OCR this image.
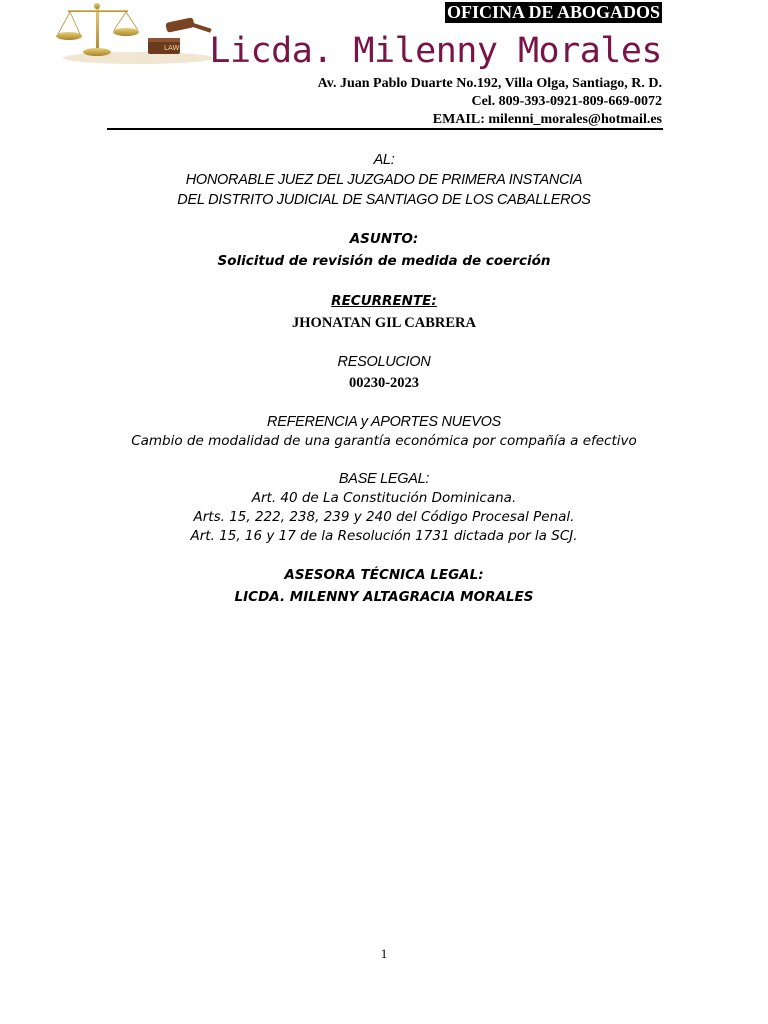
LAW
OFICINA DE ABOGADOS
Licda. Milenny Morales
Av. Juan Pablo Duarte No.192, Villa Olga, Santiago, R. D.
Cel. 809-393-0921-809-669-0072
EMAIL: milenni_morales@hotmail.es
AL:
HONORABLE JUEZ DEL JUZGADO DE PRIMERA INSTANCIA
DEL DISTRITO JUDICIAL DE SANTIAGO DE LOS CABALLEROS
ASUNTO:
Solicitud de revisión de medida de coerción
RECURRENTE:
JHONATAN GIL CABRERA
RESOLUCION
00230-2023
REFERENCIA y APORTES NUEVOS
Cambio de modalidad de una garantía económica por compañía a efectivo
BASE LEGAL:
Art. 40 de La Constitución Dominicana.
Arts. 15, 222, 238, 239 y 240 del Código Procesal Penal.
Art. 15, 16 y 17 de la Resolución 1731 dictada por la SCJ.
ASESORA TÉCNICA LEGAL:
LICDA. MILENNY ALTAGRACIA MORALES
1
